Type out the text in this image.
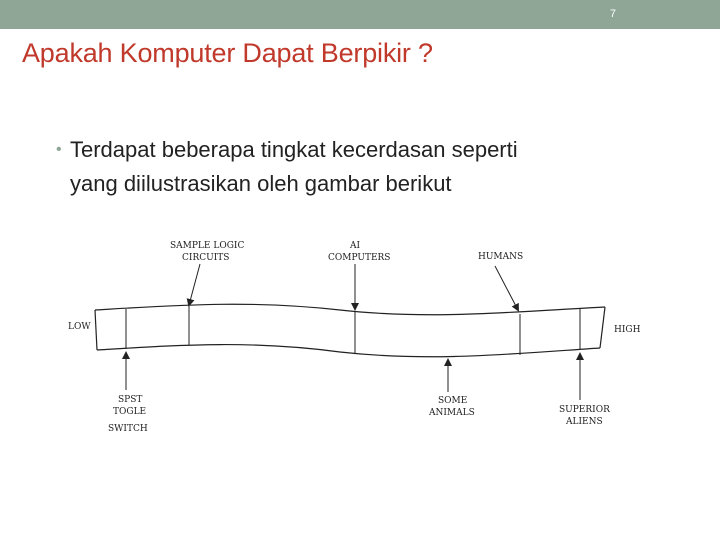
7
Apakah Komputer Dapat Berpikir ?
• Terdapat beberapa tingkat kecerdasan seperti
yang diilustrasikan oleh gambar berikut
LOW	HIGH
SAMPLE LOGIC
CIRCUITS
AI
COMPUTERS	HUMANS
SPST
TOGLE
SWITCH
SOME
ANIMALS	SUPERIOR
ALIENS
